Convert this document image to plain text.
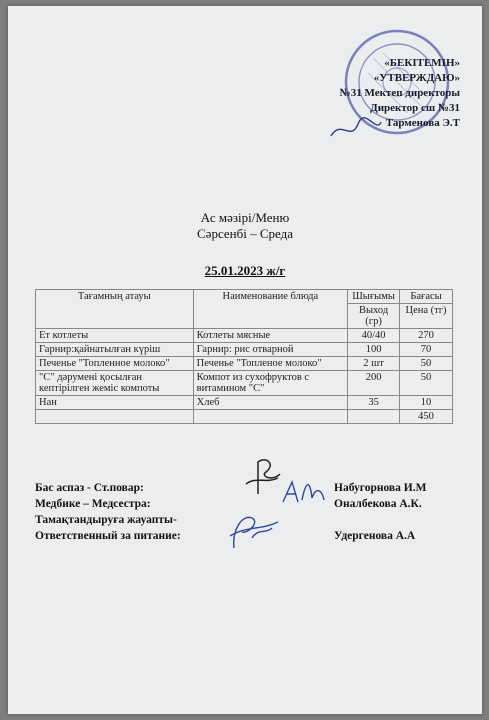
«БЕКІТЕМІН»
«УТВЕРЖДАЮ»
№31 Мектеп директоры
Директор сш №31
Тарменова Э.Т
Ас мәзірі/Меню
Сәрсенбі – Среда
25.01.2023 ж/г
Тағамның атауы	Наименование блюда	Шығымы	Бағасы
		Выход (гр)	Цена (тг)
Ет котлеты	Котлеты мясные	40/40	270
Гарнир:қайнатылған күріш	Гарнир: рис отварной	100	70
Печенье "Топленное молоко"	Печенье "Топленое молоко"	2 шт	50
"С" дәрумені қосылған кептірілген жеміс компоты	Компот из сухофруктов с витамином "С"	200	50
Нан	Хлеб	35	10
			450
Бас аспаз - Ст.повар:	Набугорнова И.М
Медбике – Медсестра:	Оналбекова А.К.
Тамақтандыруға жауапты-
Ответственный за питание:	Удергенова А.А
